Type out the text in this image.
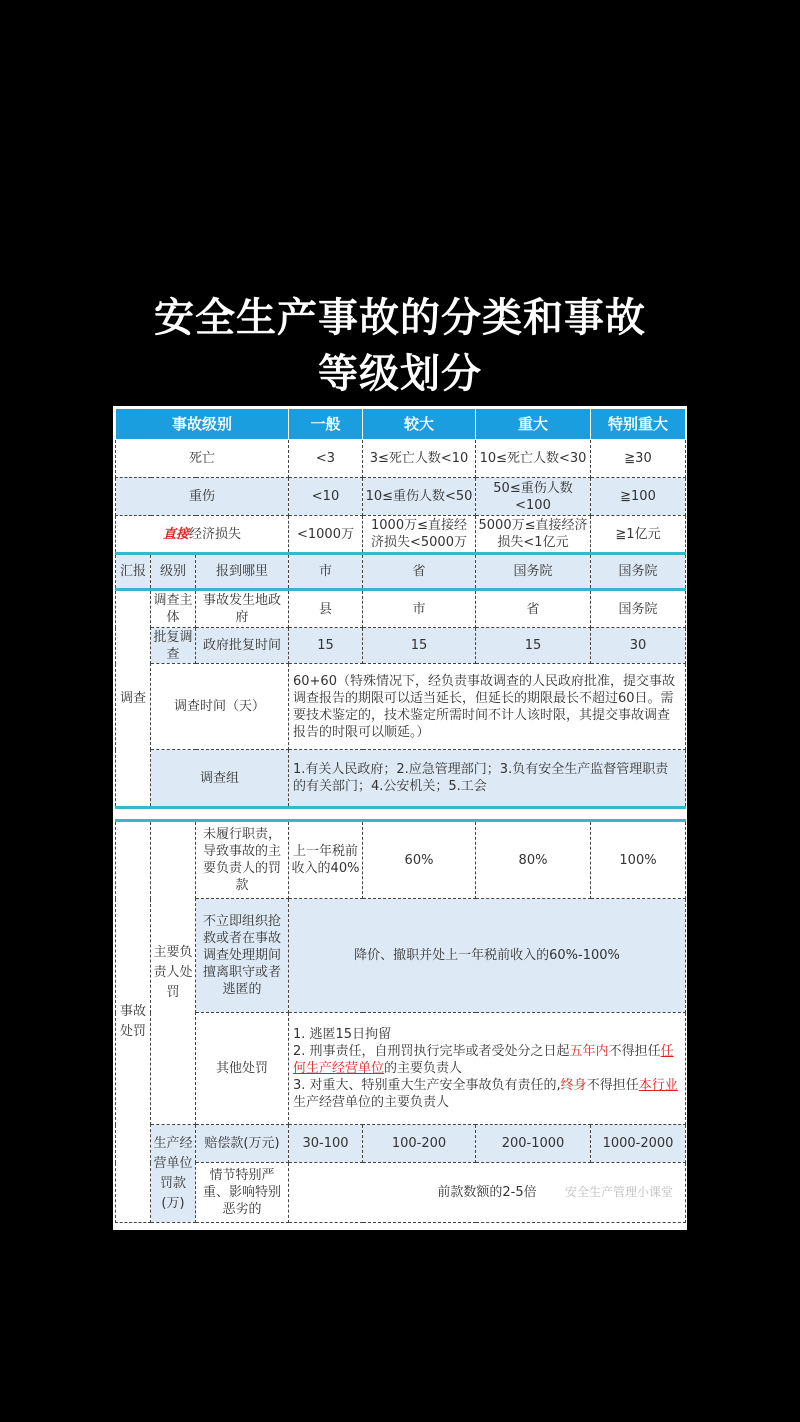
安全生产事故的分类和事故
等级划分
事故级别			一般	较大	重大	特别重大
死亡			<3	3≤死亡人数<10	10≤死亡人数<30	≧30
重伤			<10	10≤重伤人数<50	50≤重伤人数<100	≧100
直接经济损失			<1000万	1000万≤直接经济损失<5000万	5000万≤直接经济损失<1亿元	≧1亿元
汇报	级别	报到哪里	市	省	国务院	国务院
调查	调查主体	事故发生地政府	县	市	省	国务院
	批复调查	政府批复时间	15	15	15	30
	调查时间（天）		60+60（特殊情况下，经负责事故调查的人民政府批准，提交事故调查报告的期限可以适当延长，但延长的期限最长不超过60日。需要技术鉴定的，技术鉴定所需时间不计人该时限，其提交事故调查报告的时限可以顺延。）			
	调查组		1.有关人民政府；2.应急管理部门；3.负有安全生产监督管理职责的有关部门；4.公安机关；5.工会			
事故处罚	主要负责人处罚	未履行职责，导致事故的主要负责人的罚款	上一年税前收入的40%	60%	80%	100%
		不立即组织抢救或者在事故调查处理期间擅离职守或者逃匿的	降价、撤职并处上一年税前收入的60%-100%			
		其他处罚	1. 逃匿15日拘留
2. 刑事责任，自刑罚执行完毕或者受处分之日起五年内不得担任任何生产经营单位的主要负责人
3. 对重大、特别重大生产安全事故负有责任的,终身不得担任本行业生产经营单位的主要负责人			

	生产经营单位罚款(万)	赔偿款(万元)	30-100	100-200	200-1000	1000-2000
		情节特别严重、影响特别恶劣的	前款数额的2-5倍			安全生产管理小课堂
